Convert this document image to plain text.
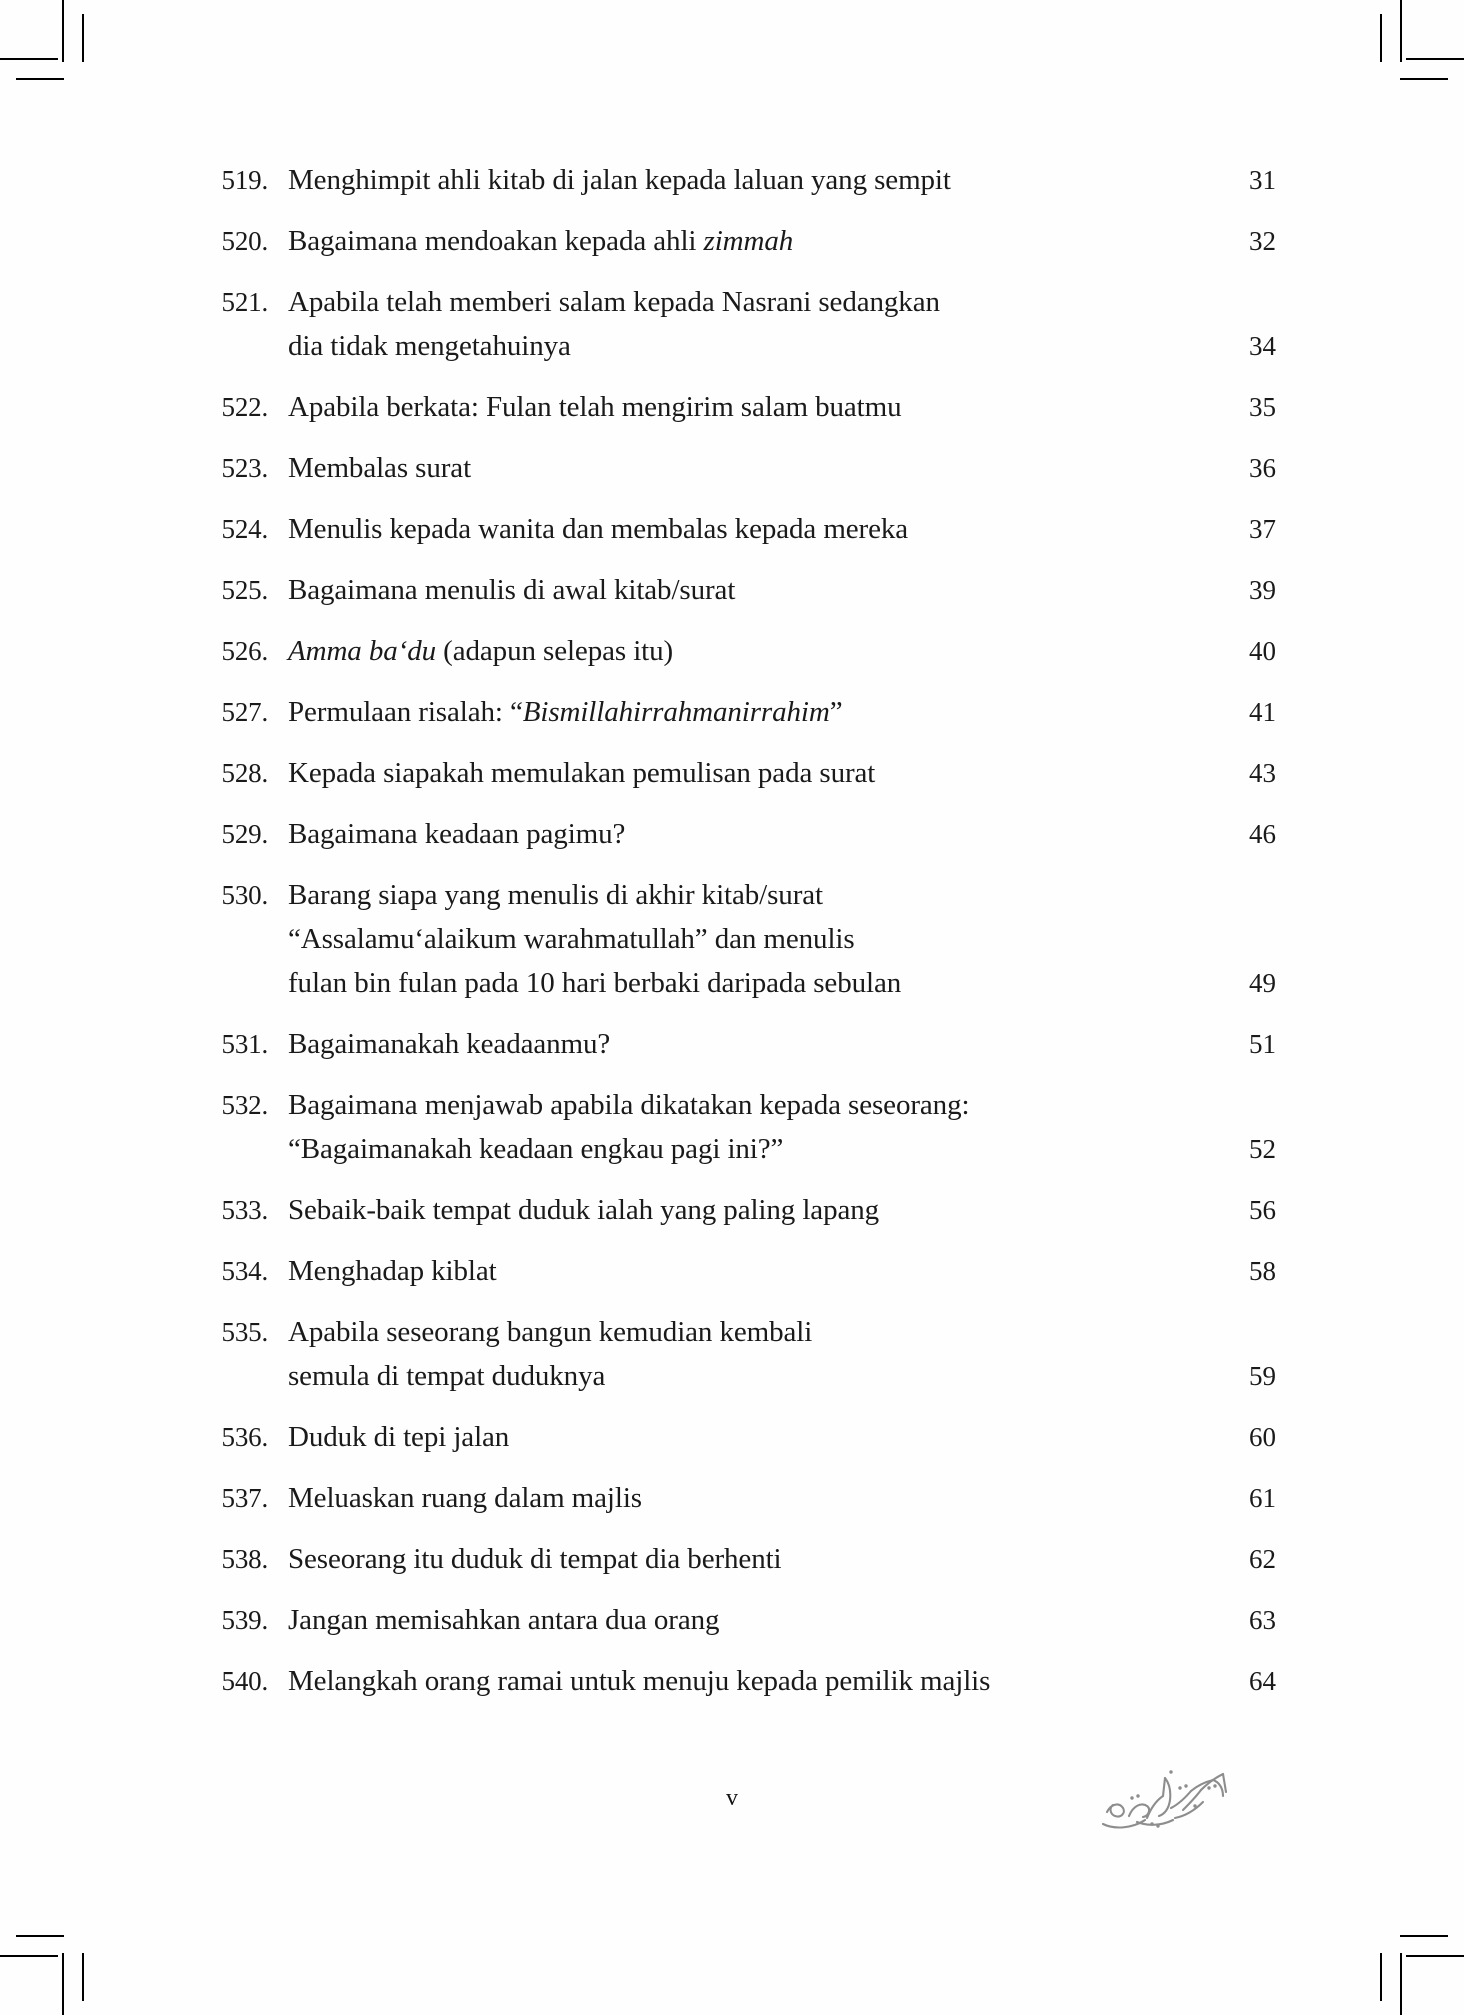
519. Menghimpit ahli kitab di jalan kepada laluan yang sempit	31
520. Bagaimana mendoakan kepada ahli zimmah	32
521. Apabila telah memberi salam kepada Nasrani sedangkan
dia tidak mengetahuinya	34
522. Apabila berkata: Fulan telah mengirim salam buatmu	35
523. Membalas surat	36
524. Menulis kepada wanita dan membalas kepada mereka	37
525. Bagaimana menulis di awal kitab/surat	39
526. Amma ba‘du (adapun selepas itu)	40
527. Permulaan risalah: “Bismillahirrahmanirrahim”	41
528. Kepada siapakah memulakan pemulisan pada surat	43
529. Bagaimana keadaan pagimu?	46
530. Barang siapa yang menulis di akhir kitab/surat
“Assalamu‘alaikum warahmatullah” dan menulis
fulan bin fulan pada 10 hari berbaki daripada sebulan	49
531. Bagaimanakah keadaanmu?	51
532. Bagaimana menjawab apabila dikatakan kepada seseorang:
“Bagaimanakah keadaan engkau pagi ini?”	52
533. Sebaik-baik tempat duduk ialah yang paling lapang	56
534. Menghadap kiblat	58
535. Apabila seseorang bangun kemudian kembali
semula di tempat duduknya	59
536. Duduk di tepi jalan	60
537. Meluaskan ruang dalam majlis	61
538. Seseorang itu duduk di tempat dia berhenti	62
539. Jangan memisahkan antara dua orang	63
540. Melangkah orang ramai untuk menuju kepada pemilik majlis	64
v
